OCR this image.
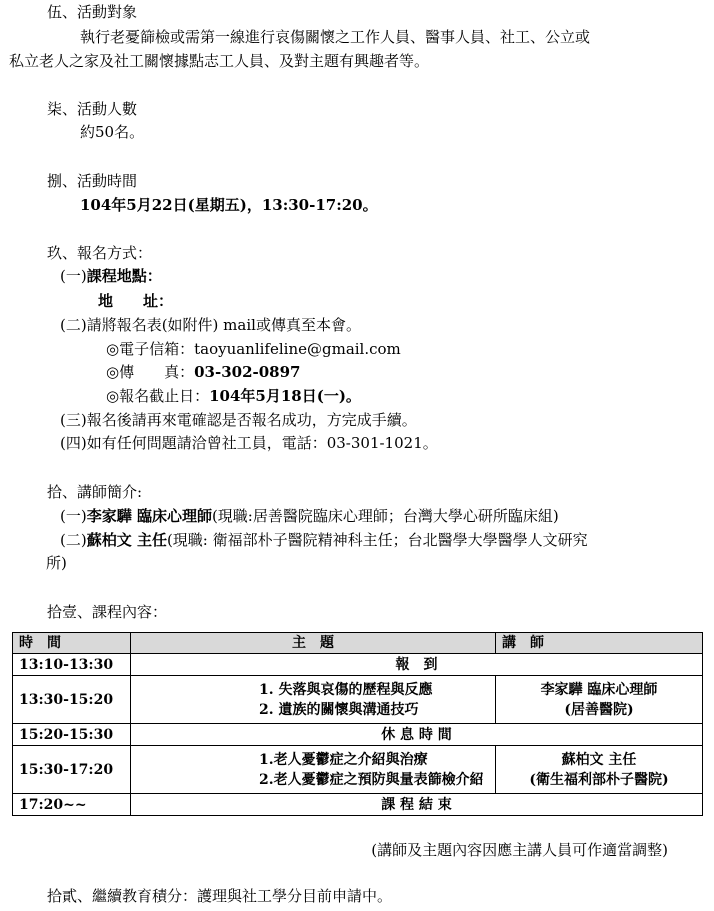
伍、活動對象
執行老憂篩檢或需第一線進行哀傷關懷之工作人員、醫事人員、社工、公立或
私立老人之家及社工關懷據點志工人員、及對主題有興趣者等。
柒、活動人數
約50名。
捌、活動時間
104年5月22日(星期五)，13:30-17:20。
玖、報名方式：
(一)課程地點：
地　　址：
(二)請將報名表(如附件) mail或傳真至本會。
◎電子信箱：taoyuanlifeline@gmail.com
◎傳　　真：03-302-0897
◎報名截止日：104年5月18日(一)。
(三)報名後請再來電確認是否報名成功，方完成手續。
(四)如有任何問題請洽曾社工員，電話：03-301-1021。
拾、講師簡介:
(一)李家驊 臨床心理師(現職:居善醫院臨床心理師；台灣大學心研所臨床組)
(二)蘇柏文 主任(現職: 衛福部朴子醫院精神科主任；台北醫學大學醫學人文研究
所)
拾壹、課程內容：
時　間	主　題	講　師
13:10-13:30	報　到	
13:30-15:20	1. 失落與哀傷的歷程與反應
2. 遺族的關懷與溝通技巧	李家驊 臨床心理師
(居善醫院)

15:20-15:30	休 息 時 間	
15:30-17:20	1.老人憂鬱症之介紹與治療
2.老人憂鬱症之預防與量表篩檢介紹	蘇柏文 主任
(衛生福利部朴子醫院)

17:20~~	課 程 結 束	
(講師及主題內容因應主講人員可作適當調整)
拾貳、繼續教育積分：護理與社工學分目前申請中。
